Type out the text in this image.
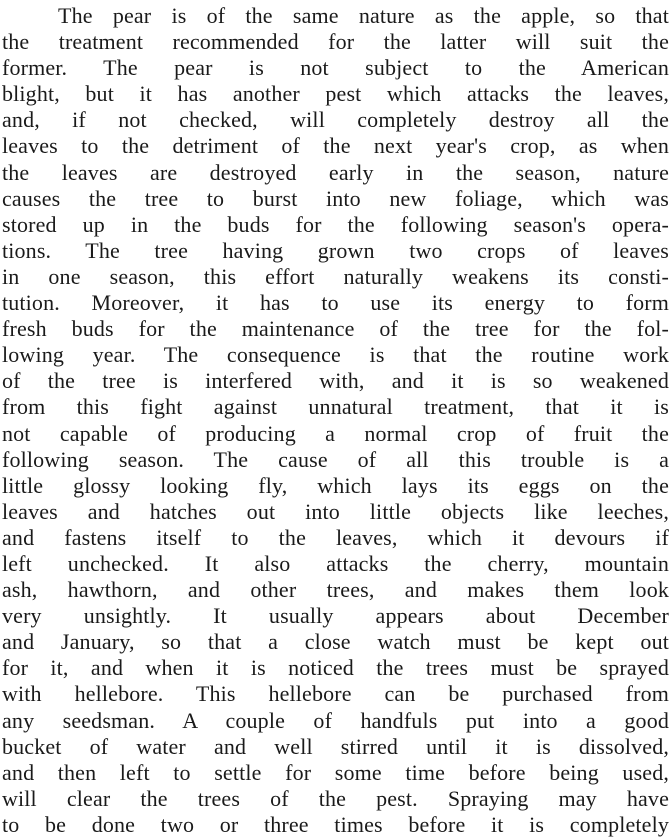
The pear is of the same nature as the apple, so that
the treatment recommended for the latter will suit the
former. The pear is not subject to the American
blight, but it has another pest which attacks the leaves,
and, if not checked, will completely destroy all the
leaves to the detriment of the next year's crop, as when
the leaves are destroyed early in the season, nature
causes the tree to burst into new foliage, which was
stored up in the buds for the following season's opera-
tions. The tree having grown two crops of leaves
in one season, this effort naturally weakens its consti-
tution. Moreover, it has to use its energy to form
fresh buds for the maintenance of the tree for the fol-
lowing year. The consequence is that the routine work
of the tree is interfered with, and it is so weakened
from this fight against unnatural treatment, that it is
not capable of producing a normal crop of fruit the
following season. The cause of all this trouble is a
little glossy looking fly, which lays its eggs on the
leaves and hatches out into little objects like leeches,
and fastens itself to the leaves, which it devours if
left unchecked. It also attacks the cherry, mountain
ash, hawthorn, and other trees, and makes them look
very unsightly. It usually appears about December
and January, so that a close watch must be kept out
for it, and when it is noticed the trees must be sprayed
with hellebore. This hellebore can be purchased from
any seedsman. A couple of handfuls put into a good
bucket of water and well stirred until it is dissolved,
and then left to settle for some time before being used,
will clear the trees of the pest. Spraying may have
to be done two or three times before it is completely
